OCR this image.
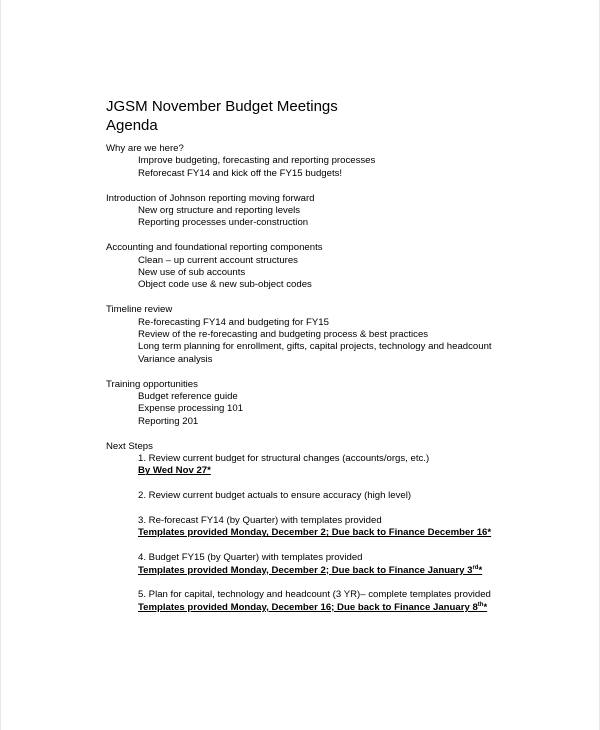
JGSM November Budget Meetings
Agenda
Why are we here?
Improve budgeting, forecasting and reporting processes
Reforecast FY14 and kick off the FY15 budgets!
Introduction of Johnson reporting moving forward
New org structure and reporting levels
Reporting processes under-construction
Accounting and foundational reporting components
Clean – up current account structures
New use of sub accounts
Object code use & new sub-object codes
Timeline review
Re-forecasting FY14 and budgeting for FY15
Review of the re-forecasting and budgeting process & best practices
Long term planning for enrollment, gifts, capital projects, technology and headcount
Variance analysis
Training opportunities
Budget reference guide
Expense processing 101
Reporting 201
Next Steps
1. Review current budget for structural changes (accounts/orgs, etc.)
By Wed Nov 27*
2. Review current budget actuals to ensure accuracy (high level)
3. Re-forecast FY14 (by Quarter) with templates provided
Templates provided Monday, December 2; Due back to Finance December 16*
4. Budget FY15 (by Quarter) with templates provided
Templates provided Monday, December 2; Due back to Finance January 3rd*
5. Plan for capital, technology and headcount (3 YR)– complete templates provided
Templates provided Monday, December 16; Due back to Finance January 8th*
